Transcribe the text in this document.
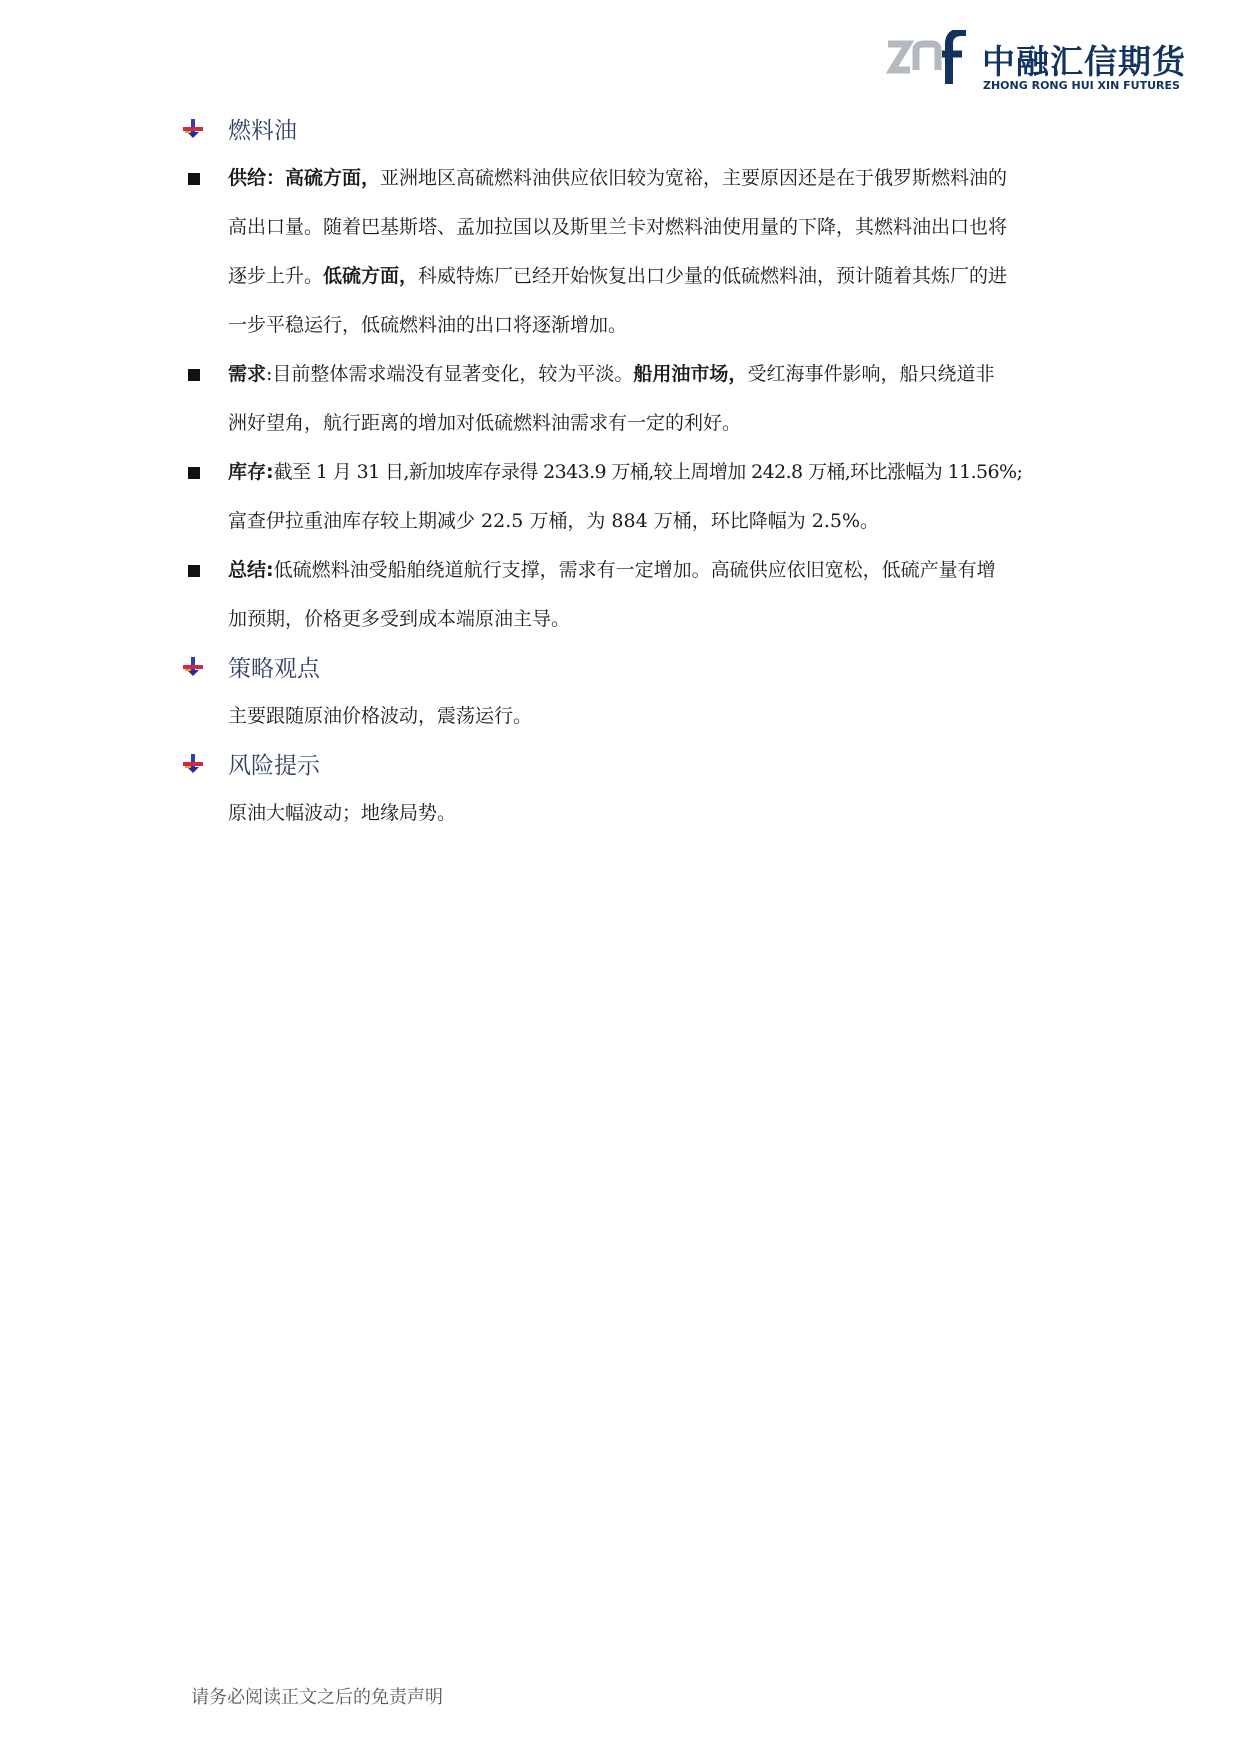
中融汇信期货
ZHONG RONG HUI XIN FUTURES
燃料油

供给：高硫方面，亚洲地区高硫燃料油供应依旧较为宽裕，主要原因还是在于俄罗斯燃料油的

高出口量。随着巴基斯塔、孟加拉国以及斯里兰卡对燃料油使用量的下降，其燃料油出口也将

逐步上升。低硫方面，科威特炼厂已经开始恢复出口少量的低硫燃料油，预计随着其炼厂的进

一步平稳运行，低硫燃料油的出口将逐渐增加。

需求:目前整体需求端没有显著变化，较为平淡。船用油市场，受红海事件影响，船只绕道非

洲好望角，航行距离的增加对低硫燃料油需求有一定的利好。

库存:截至 1 月 31 日,新加坡库存录得 2343.9 万桶,较上周增加 242.8 万桶,环比涨幅为 11.56%;

富查伊拉重油库存较上期减少 22.5 万桶，为 884 万桶，环比降幅为 2.5%。

总结:低硫燃料油受船舶绕道航行支撑，需求有一定增加。高硫供应依旧宽松，低硫产量有增

加预期，价格更多受到成本端原油主导。

策略观点

主要跟随原油价格波动，震荡运行。

风险提示

原油大幅波动；地缘局势。

请务必阅读正文之后的免责声明
